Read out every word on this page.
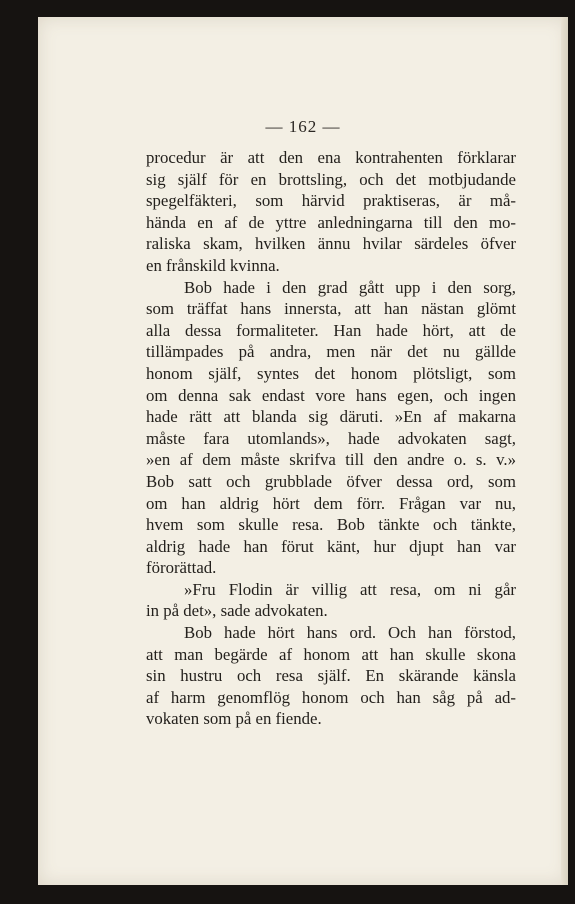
— 162 —
procedur är att den ena kontrahenten förklarar
sig själf för en brottsling, och det motbjudande
spegelfäkteri, som härvid praktiseras, är må-
hända en af de yttre anledningarna till den mo-
raliska skam, hvilken ännu hvilar särdeles öfver
en frånskild kvinna.
Bob hade i den grad gått upp i den sorg,
som träffat hans innersta, att han nästan glömt
alla dessa formaliteter. Han hade hört, att de
tillämpades på andra, men när det nu gällde
honom själf, syntes det honom plötsligt, som
om denna sak endast vore hans egen, och ingen
hade rätt att blanda sig däruti. »En af makarna
måste fara utomlands», hade advokaten sagt,
»en af dem måste skrifva till den andre o. s. v.»
Bob satt och grubblade öfver dessa ord, som
om han aldrig hört dem förr. Frågan var nu,
hvem som skulle resa. Bob tänkte och tänkte,
aldrig hade han förut känt, hur djupt han var
förorättad.
»Fru Flodin är villig att resa, om ni går
in på det», sade advokaten.
Bob hade hört hans ord. Och han förstod,
att man begärde af honom att han skulle skona
sin hustru och resa själf. En skärande känsla
af harm genomflög honom och han såg på ad-
vokaten som på en fiende.
